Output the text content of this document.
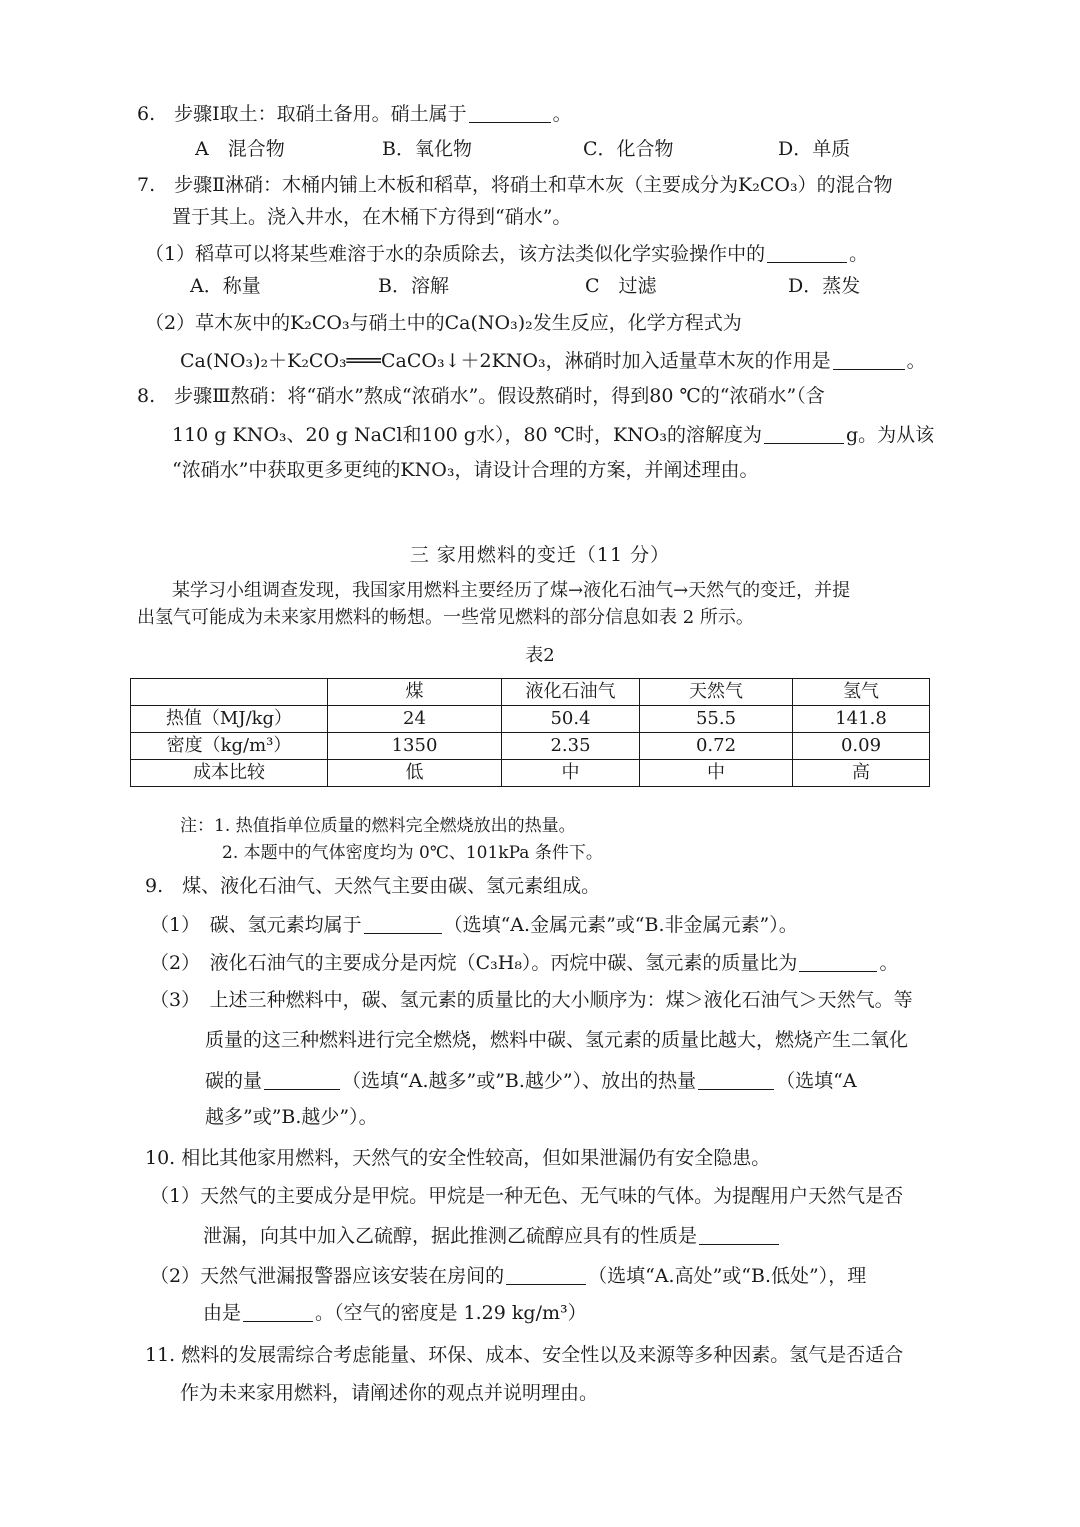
6.　步骤Ⅰ取土：取硝土备用。硝土属于	。
A　混合物	B．氧化物	C．化合物	D．单质
7.　步骤Ⅱ淋硝：木桶内铺上木板和稻草，将硝土和草木灰（主要成分为K₂CO₃）的混合物
置于其上。浇入井水，在木桶下方得到“硝水”。
（1）稻草可以将某些难溶于水的杂质除去，该方法类似化学实验操作中的	。
A．称量	B．溶解	C　过滤	D．蒸发
（2）草木灰中的K₂CO₃与硝土中的Ca(NO₃)₂发生反应，化学方程式为
Ca(NO₃)₂＋K₂CO₃═══CaCO₃↓＋2KNO₃，淋硝时加入适量草木灰的作用是	。
8.　步骤Ⅲ熬硝：将“硝水”熬成“浓硝水”。假设熬硝时，得到80 ℃的“浓硝水”（含
110 g KNO₃、20 g NaCl和100 g水），80 ℃时，KNO₃的溶解度为	g。为从该
“浓硝水”中获取更多更纯的KNO₃，请设计合理的方案，并阐述理由。
三 家用燃料的变迁（11 分）
某学习小组调查发现，我国家用燃料主要经历了煤→液化石油气→天然气的变迁，并提
出氢气可能成为未来家用燃料的畅想。一些常见燃料的部分信息如表 2 所示。
表2
	煤	液化石油气	天然气	氢气
热值（MJ/kg）	24	50.4	55.5	141.8
密度（kg/m³）	1350	2.35	0.72	0.09
成本比较	低	中	中	高
注：1. 热值指单位质量的燃料完全燃烧放出的热量。
2. 本题中的气体密度均为 0℃、101kPa 条件下。
9.　煤、液化石油气、天然气主要由碳、氢元素组成。
（1）　碳、氢元素均属于	（选填“A.金属元素”或“B.非金属元素”）。
（2）　液化石油气的主要成分是丙烷（C₃H₈）。丙烷中碳、氢元素的质量比为	。
（3）　上述三种燃料中，碳、氢元素的质量比的大小顺序为：煤＞液化石油气＞天然气。等
质量的这三种燃料进行完全燃烧，燃料中碳、氢元素的质量比越大，燃烧产生二氧化
碳的量	（选填“A.越多”或”B.越少”）、放出的热量	（选填“A
越多”或”B.越少”）。
10. 相比其他家用燃料，天然气的安全性较高，但如果泄漏仍有安全隐患。
（1）天然气的主要成分是甲烷。甲烷是一种无色、无气味的气体。为提醒用户天然气是否
泄漏，向其中加入乙硫醇，据此推测乙硫醇应具有的性质是
（2）天然气泄漏报警器应该安装在房间的	（选填“A.高处”或“B.低处”），理
由是	。（空气的密度是 1.29 kg/m³）
11. 燃料的发展需综合考虑能量、环保、成本、安全性以及来源等多种因素。氢气是否适合
作为未来家用燃料，请阐述你的观点并说明理由。
